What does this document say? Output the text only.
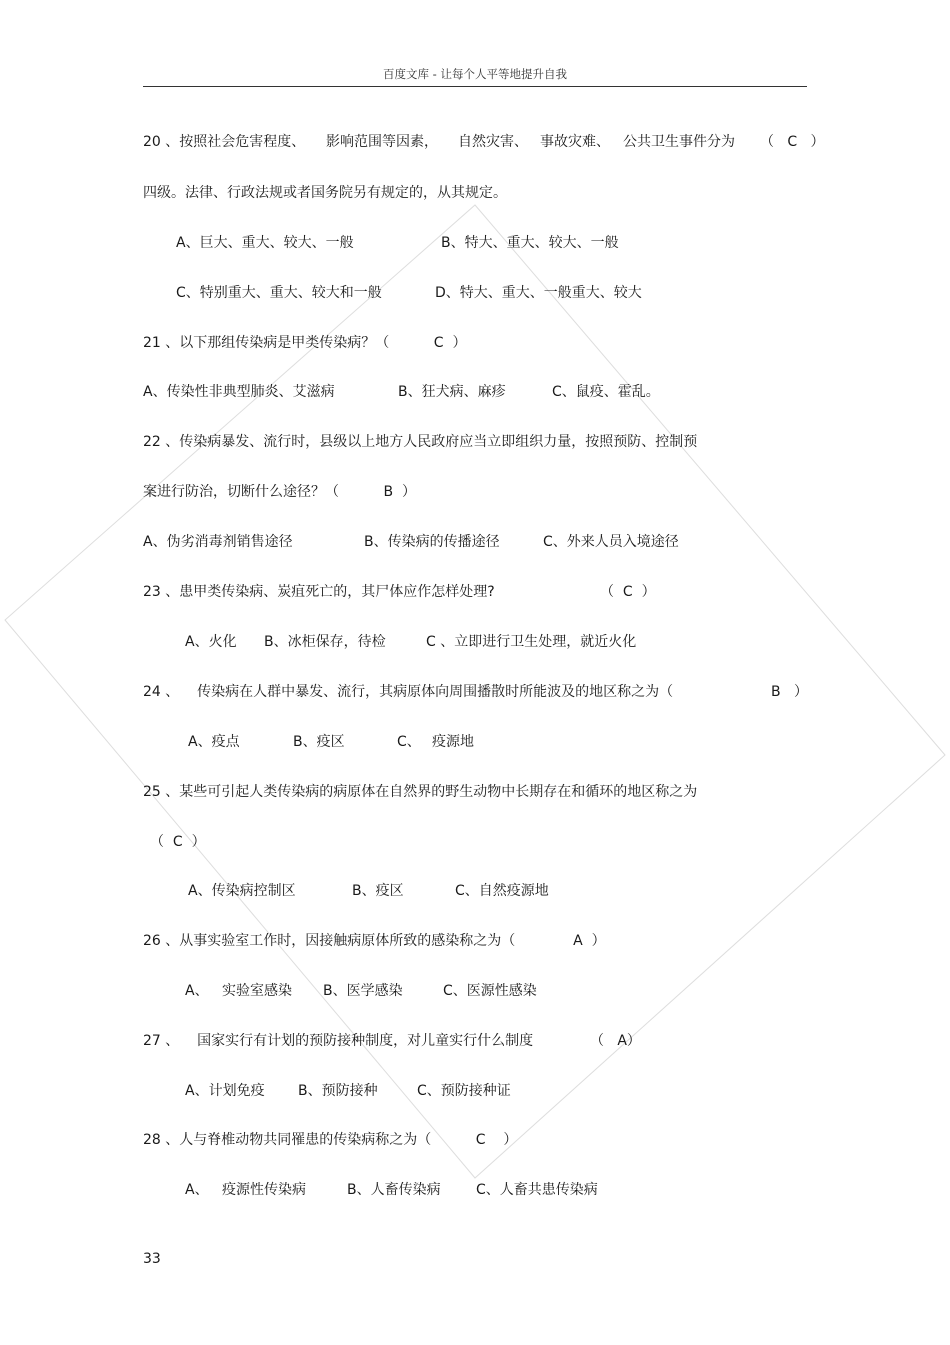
百度文库 - 让每个人平等地提升自我

20 、按照社会危害程度、

影响范围等因素，

自然灾害、

事故灾难、

公共卫生事件分为

（   C   ）

四级。法律、行政法规或者国务院另有规定的，从其规定。
A、巨大、重大、较大、一般	B、特大、重大、较大、一般
C、特别重大、重大、较大和一般	D、特大、重大、一般重大、较大
21 、以下那组传染病是甲类传染病？（          C  ）
A、传染性非典型肺炎、艾滋病	B、狂犬病、麻疹	C、鼠疫、霍乱。
22 、传染病暴发、流行时，县级以上地方人民政府应当立即组织力量，按照预防、控制预
案进行防治，切断什么途径？（          B  ）
A、伪劣消毒剂销售途径	B、传染病的传播途径	C、外来人员入境途径
23 、患甲类传染病、炭疽死亡的，其尸体应作怎样处理?	（  C  ）
A、火化 B、冰柜保存，待检	C 、立即进行卫生处理，就近火化
24 、    传染病在人群中暴发、流行，其病原体向周围播散时所能波及的地区称之为（	B   ）
A、疫点	B、疫区	C、 疫源地
25 、某些可引起人类传染病的病原体在自然界的野生动物中长期存在和循环的地区称之为
（  C  ）
A、传染病控制区	B、疫区	C、自然疫源地
26 、从事实验室工作时，因接触病原体所致的感染称之为（             A  ）
A、 实验室感染 B、医学感染	C、医源性感染
27 、    国家实行有计划的预防接种制度，对儿童实行什么制度	（   A）
A、计划免疫 B、预防接种	C、预防接种证
28 、人与脊椎动物共同罹患的传染病称之为（          C    ）
A、 疫源性传染病	B、人畜传染病	C、人畜共患传染病
33
